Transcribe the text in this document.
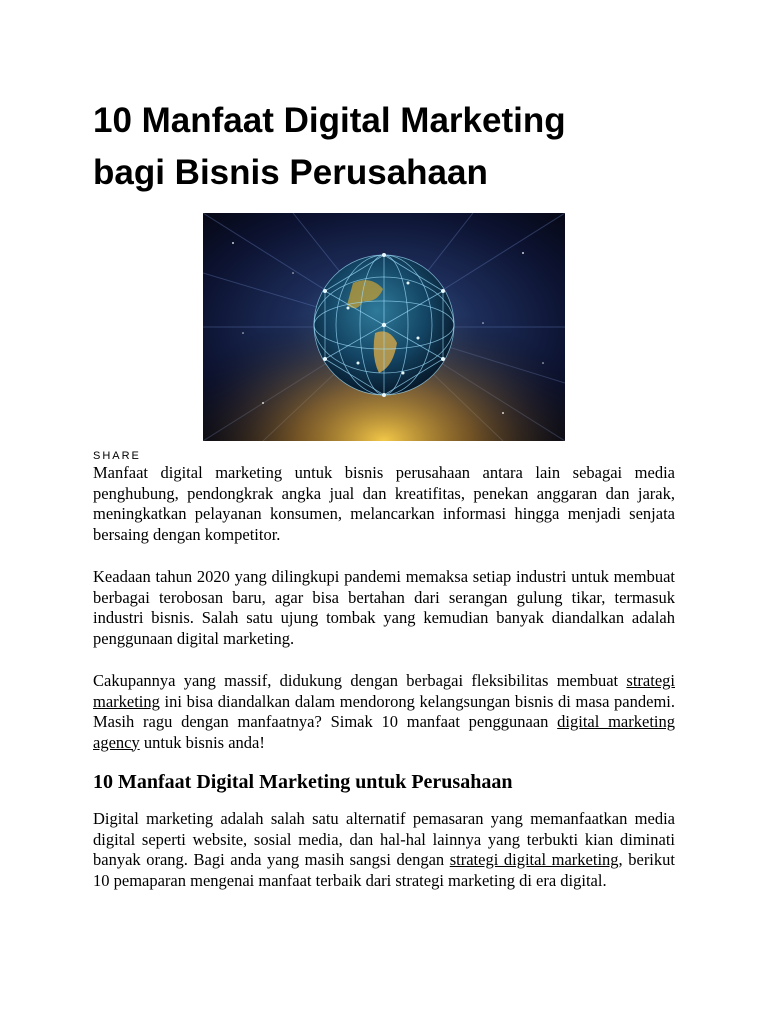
10 Manfaat Digital Marketing
bagi Bisnis Perusahaan
SHARE

Manfaat digital marketing untuk bisnis perusahaan antara lain sebagai media penghubung, pendongkrak angka jual dan kreatifitas, penekan anggaran dan jarak, meningkatkan pelayanan konsumen, melancarkan informasi hingga menjadi senjata bersaing dengan kompetitor.

Keadaan tahun 2020 yang dilingkupi pandemi memaksa setiap industri untuk membuat berbagai terobosan baru, agar bisa bertahan dari serangan gulung tikar, termasuk industri bisnis. Salah satu ujung tombak yang kemudian banyak diandalkan adalah penggunaan digital marketing.

Cakupannya yang massif, didukung dengan berbagai fleksibilitas membuat strategi marketing ini bisa diandalkan dalam mendorong kelangsungan bisnis di masa pandemi. Masih ragu dengan manfaatnya? Simak 10 manfaat penggunaan digital marketing agency untuk bisnis anda!

10 Manfaat Digital Marketing untuk Perusahaan

Digital marketing adalah salah satu alternatif pemasaran yang memanfaatkan media digital seperti website, sosial media, dan hal-hal lainnya yang terbukti kian diminati banyak orang. Bagi anda yang masih sangsi dengan strategi digital marketing, berikut 10 pemaparan mengenai manfaat terbaik dari strategi marketing di era digital.
